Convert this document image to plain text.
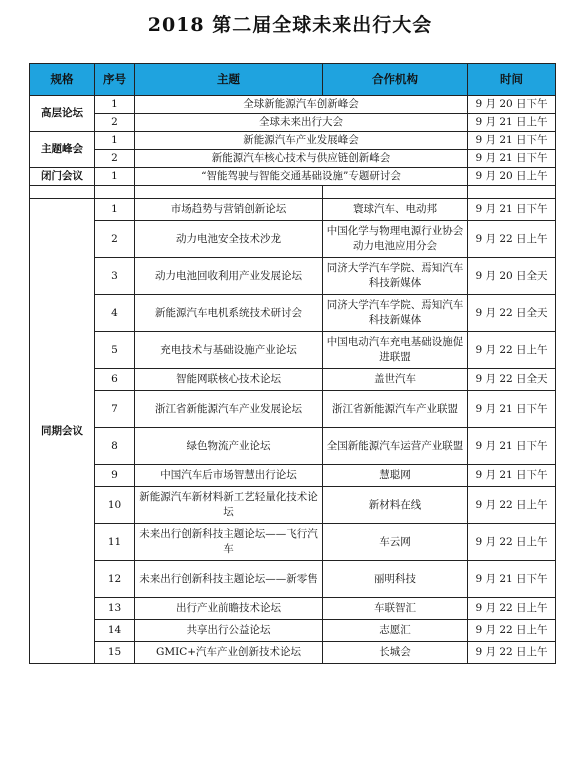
2018 第二届全球未来出行大会
规格	序号	主题	合作机构	时间
高层论坛	1	全球新能源汽车创新峰会		9 月 20 日下午
	2	全球未来出行大会		9 月 21 日上午
主题峰会	1	新能源汽车产业发展峰会		9 月 21 日下午
	2	新能源汽车核心技术与供应链创新峰会		9 月 21 日下午
闭门会议	1	“智能驾驶与智能交通基础设施”专题研讨会		9 月 20 日上午

同期会议	1	市场趋势与营销创新论坛	寰球汽车、电动邦	9 月 21 日下午
	2	动力电池安全技术沙龙	中国化学与物理电源行业协会动力电池应用分会	9 月 22 日上午
	3	动力电池回收利用产业发展论坛	同济大学汽车学院、焉知汽车科技新媒体	9 月 20 日全天
	4	新能源汽车电机系统技术研讨会	同济大学汽车学院、焉知汽车科技新媒体	9 月 22 日全天
	5	充电技术与基础设施产业论坛	中国电动汽车充电基础设施促进联盟	9 月 22 日上午
	6	智能网联核心技术论坛	盖世汽车	9 月 22 日全天
	7	浙江省新能源汽车产业发展论坛	浙江省新能源汽车产业联盟	9 月 21 日下午
	8	绿色物流产业论坛	全国新能源汽车运营产业联盟	9 月 21 日下午
	9	中国汽车后市场智慧出行论坛	慧聪网	9 月 21 日下午
	10	新能源汽车新材料新工艺轻量化技术论坛	新材料在线	9 月 22 日上午
	11	未来出行创新科技主题论坛——飞行汽车	车云网	9 月 22 日上午
	12	未来出行创新科技主题论坛——新零售	丽明科技	9 月 21 日下午
	13	出行产业前瞻技术论坛	车联智汇	9 月 22 日上午
	14	共享出行公益论坛	志愿汇	9 月 22 日上午
	15	GMIC+汽车产业创新技术论坛	长城会	9 月 22 日上午
